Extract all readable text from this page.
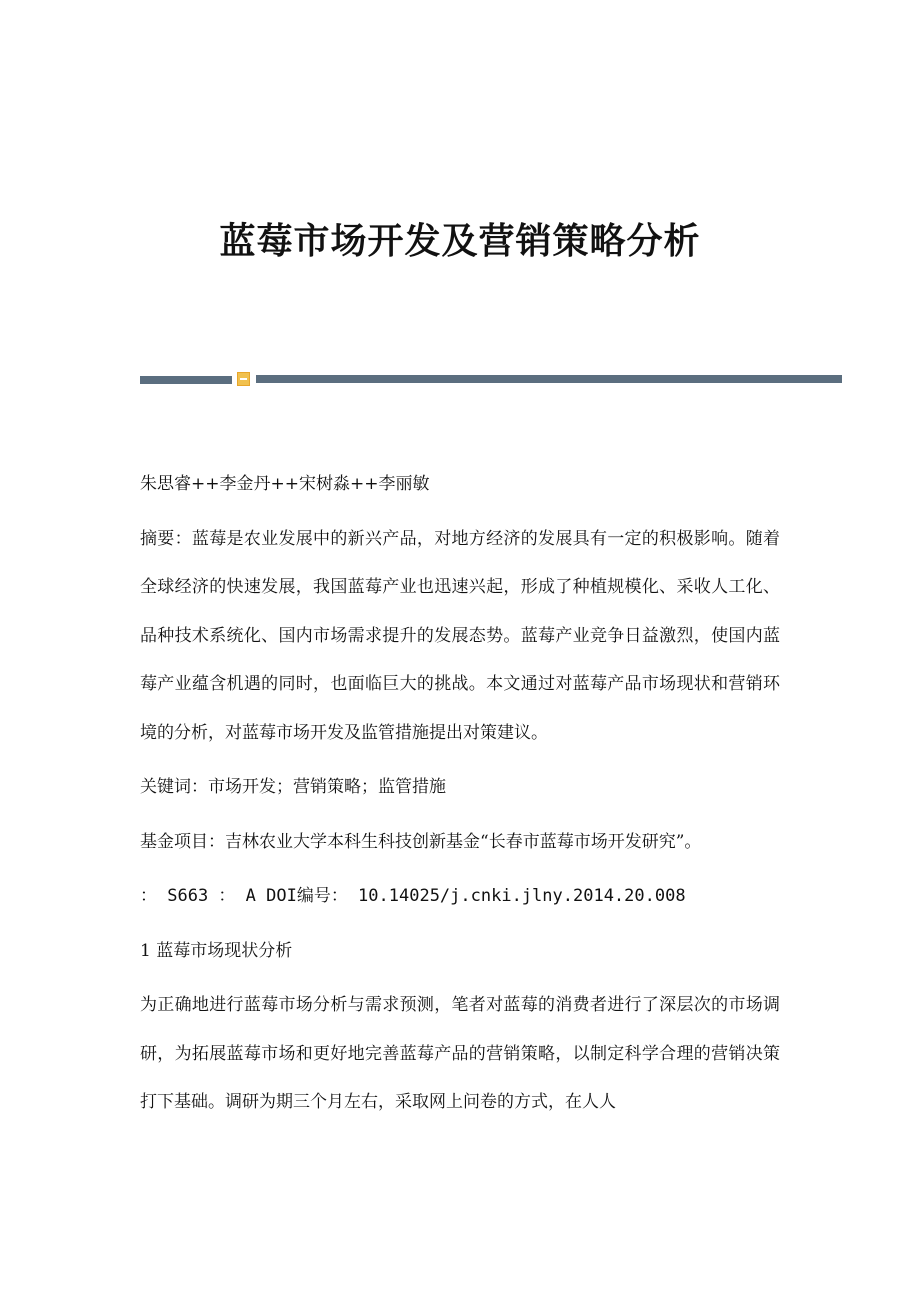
蓝莓市场开发及营销策略分析

朱思睿++李金丹++宋树淼++李丽敏

摘要：蓝莓是农业发展中的新兴产品，对地方经济的发展具有一定的积极影响。随着全球经济的快速发展，我国蓝莓产业也迅速兴起，形成了种植规模化、采收人工化、品种技术系统化、国内市场需求提升的发展态势。蓝莓产业竞争日益激烈，使国内蓝莓产业蕴含机遇的同时，也面临巨大的挑战。本文通过对蓝莓产品市场现状和营销环境的分析，对蓝莓市场开发及监管措施提出对策建议。

关键词：市场开发；营销策略；监管措施

基金项目：吉林农业大学本科生科技创新基金“长春市蓝莓市场开发研究”。

： S663 ： A DOI编号： 10.14025/j.cnki.jlny.2014.20.008

1 蓝莓市场现状分析

为正确地进行蓝莓市场分析与需求预测，笔者对蓝莓的消费者进行了深层次的市场调研，为拓展蓝莓市场和更好地完善蓝莓产品的营销策略，以制定科学合理的营销决策打下基础。调研为期三个月左右，采取网上问卷的方式，在人人
